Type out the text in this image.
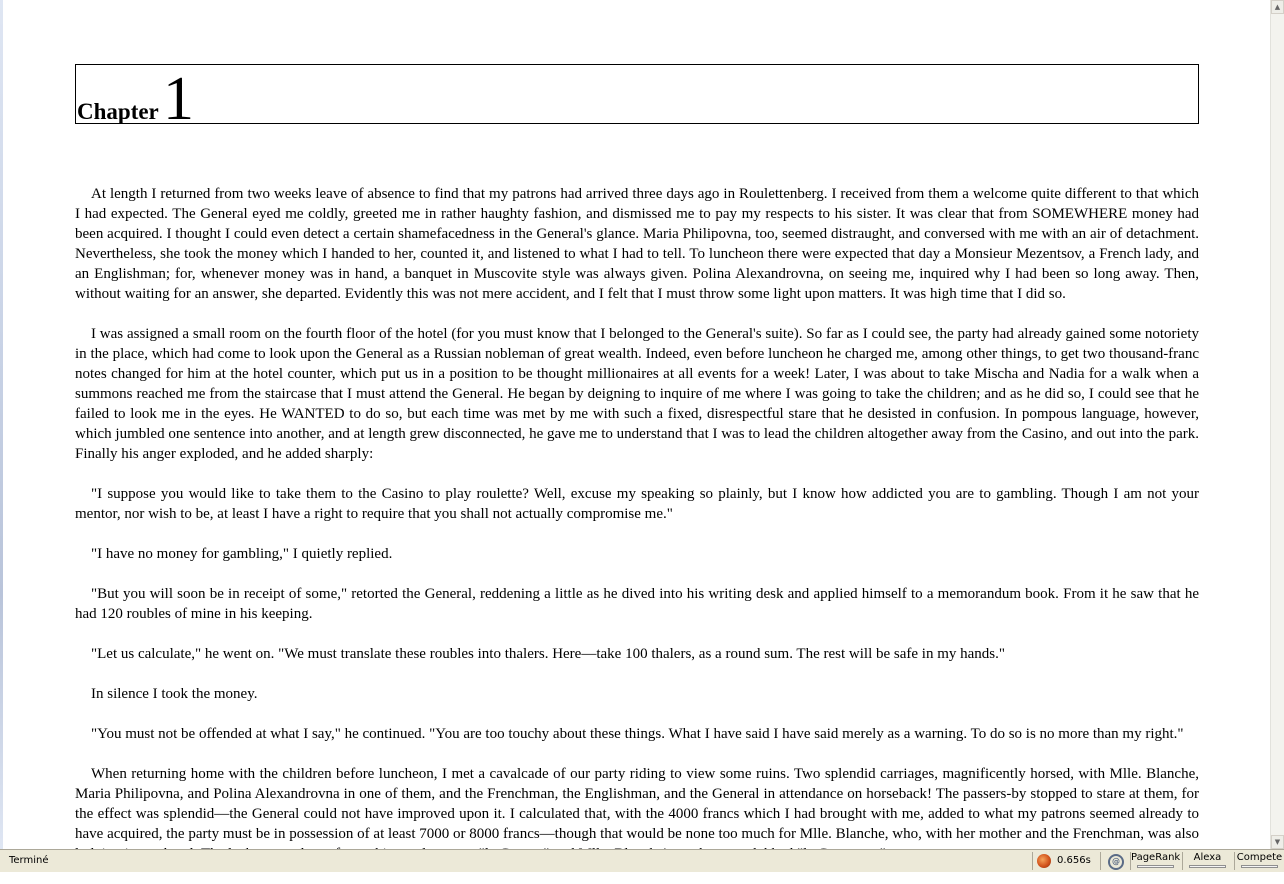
Chapter 1

At length I returned from two weeks leave of absence to find that my patrons had arrived three days ago in Roulettenberg. I received from them a welcome quite different to that which I had expected. The General eyed me coldly, greeted me in rather haughty fashion, and dismissed me to pay my respects to his sister. It was clear that from SOMEWHERE money had been acquired. I thought I could even detect a certain shamefacedness in the General's glance. Maria Philipovna, too, seemed distraught, and conversed with me with an air of detachment. Nevertheless, she took the money which I handed to her, counted it, and listened to what I had to tell. To luncheon there were expected that day a Monsieur Mezentsov, a French lady, and an Englishman; for, whenever money was in hand, a banquet in Muscovite style was always given. Polina Alexandrovna, on seeing me, inquired why I had been so long away. Then, without waiting for an answer, she departed. Evidently this was not mere accident, and I felt that I must throw some light upon matters. It was high time that I did so.

I was assigned a small room on the fourth floor of the hotel (for you must know that I belonged to the General's suite). So far as I could see, the party had already gained some notoriety in the place, which had come to look upon the General as a Russian nobleman of great wealth. Indeed, even before luncheon he charged me, among other things, to get two thousand-franc notes changed for him at the hotel counter, which put us in a position to be thought millionaires at all events for a week! Later, I was about to take Mischa and Nadia for a walk when a summons reached me from the staircase that I must attend the General. He began by deigning to inquire of me where I was going to take the children; and as he did so, I could see that he failed to look me in the eyes. He WANTED to do so, but each time was met by me with such a fixed, disrespectful stare that he desisted in confusion. In pompous language, however, which jumbled one sentence into another, and at length grew disconnected, he gave me to understand that I was to lead the children altogether away from the Casino, and out into the park. Finally his anger exploded, and he added sharply:

"I suppose you would like to take them to the Casino to play roulette? Well, excuse my speaking so plainly, but I know how addicted you are to gambling. Though I am not your mentor, nor wish to be, at least I have a right to require that you shall not actually compromise me."

"I have no money for gambling," I quietly replied.

"But you will soon be in receipt of some," retorted the General, reddening a little as he dived into his writing desk and applied himself to a memorandum book. From it he saw that he had 120 roubles of mine in his keeping.

"Let us calculate," he went on. "We must translate these roubles into thalers. Here—take 100 thalers, as a round sum. The rest will be safe in my hands."

In silence I took the money.

"You must not be offended at what I say," he continued. "You are too touchy about these things. What I have said I have said merely as a warning. To do so is no more than my right."

When returning home with the children before luncheon, I met a cavalcade of our party riding to view some ruins. Two splendid carriages, magnificently horsed, with Mlle. Blanche, Maria Philipovna, and Polina Alexandrovna in one of them, and the Frenchman, the Englishman, and the General in attendance on horseback! The passers-by stopped to stare at them, for the effect was splendid—the General could not have improved upon it. I calculated that, with the 4000 francs which I had brought with me, added to what my patrons seemed already to have acquired, the party must be in possession of at least 7000 or 8000 francs—though that would be none too much for Mlle. Blanche, who, with her mother and the Frenchman, was also

▲
▼
Terminé	0.656s	@	PageRank	Alexa	Compete
